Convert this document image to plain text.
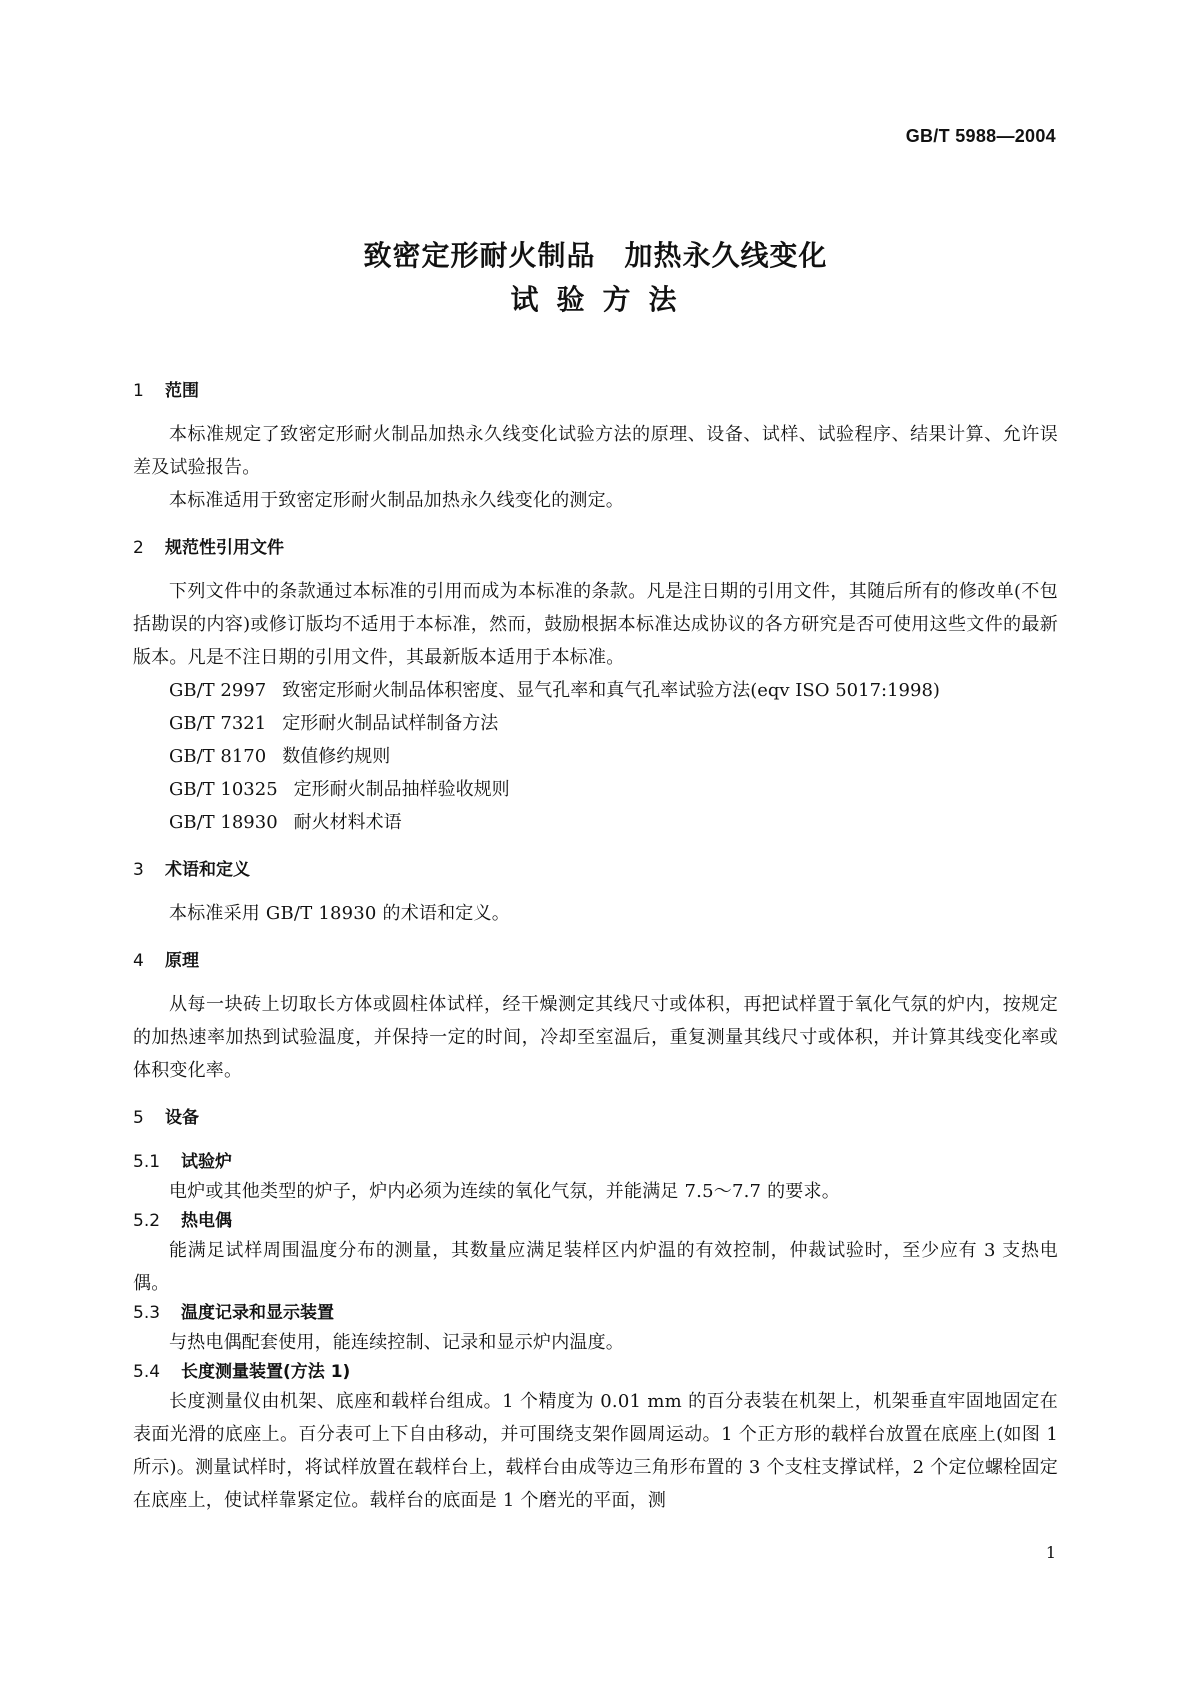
GB/T 5988—2004
致密定形耐火制品　加热永久线变化
试验方法
1	范围

本标准规定了致密定形耐火制品加热永久线变化试验方法的原理、设备、试样、试验程序、结果计算、允许误差及试验报告。

本标准适用于致密定形耐火制品加热永久线变化的测定。

2	规范性引用文件

下列文件中的条款通过本标准的引用而成为本标准的条款。凡是注日期的引用文件，其随后所有的修改单(不包括勘误的内容)或修订版均不适用于本标准，然而，鼓励根据本标准达成协议的各方研究是否可使用这些文件的最新版本。凡是不注日期的引用文件，其最新版本适用于本标准。

GB/T 2997 致密定形耐火制品体积密度、显气孔率和真气孔率试验方法(eqv ISO 5017:1998)
GB/T 7321 定形耐火制品试样制备方法
GB/T 8170 数值修约规则
GB/T 10325 定形耐火制品抽样验收规则
GB/T 18930 耐火材料术语
3	术语和定义

本标准采用 GB/T 18930 的术语和定义。

4	原理

从每一块砖上切取长方体或圆柱体试样，经干燥测定其线尺寸或体积，再把试样置于氧化气氛的炉内，按规定的加热速率加热到试验温度，并保持一定的时间，冷却至室温后，重复测量其线尺寸或体积，并计算其线变化率或体积变化率。

5	设备
5.1	试验炉

电炉或其他类型的炉子，炉内必须为连续的氧化气氛，并能满足 7.5～7.7 的要求。

5.2	热电偶

能满足试样周围温度分布的测量，其数量应满足装样区内炉温的有效控制，仲裁试验时，至少应有 3 支热电偶。

5.3	温度记录和显示装置

与热电偶配套使用，能连续控制、记录和显示炉内温度。

5.4	长度测量装置(方法 1)

长度测量仪由机架、底座和载样台组成。1 个精度为 0.01 mm 的百分表装在机架上，机架垂直牢固地固定在表面光滑的底座上。百分表可上下自由移动，并可围绕支架作圆周运动。1 个正方形的载样台放置在底座上(如图 1 所示)。测量试样时，将试样放置在载样台上，载样台由成等边三角形布置的 3 个支柱支撑试样，2 个定位螺栓固定在底座上，使试样靠紧定位。载样台的底面是 1 个磨光的平面，测

1
